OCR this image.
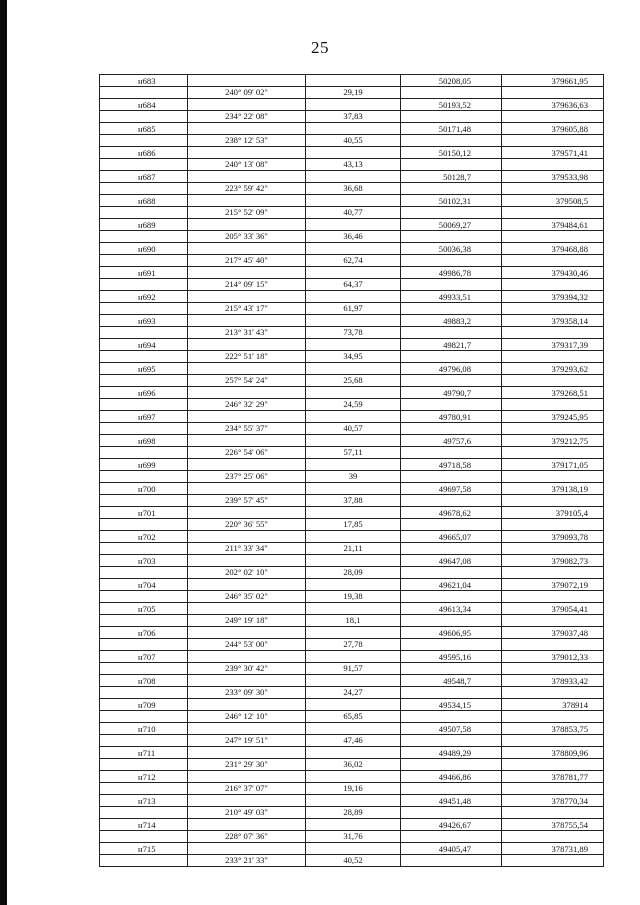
25
н683
240° 09' 02"	29,19
50208,05	379661,95
н684
234° 22' 08"	37,83
50193,52	379636,63
н685
238° 12' 53"	40,55
50171,48	379605,88
н686
240° 13' 08"	43,13
50150,12	379571,41
н687
223° 59' 42"	36,68
50128,7	379533,98
н688
215° 52' 09"	40,77
50102,31	379508,5
н689
205° 33' 36"	36,46
50069,27	379484,61
н690
217° 45' 40"	62,74
50036,38	379468,88
н691
214° 09' 15"	64,37
49986,78	379430,46
н692
215° 43' 17"	61,97
49933,51	379394,32
н693
213° 31' 43"	73,78
49883,2	379358,14
н694
222° 51' 18"	34,95
49821,7	379317,39
н695
257° 54' 24"	25,68
49796,08	379293,62
н696
246° 32' 29"	24,59
49790,7	379268,51
н697
234° 55' 37"	40,57
49780,91	379245,95
н698
226° 54' 06"	57,11
49757,6	379212,75
н699
237° 25' 06"	39
49718,58	379171,05
н700
239° 57' 45"	37,88
49697,58	379138,19
н701
220° 36' 55"	17,85
49678,62	379105,4
н702
211° 33' 34"	21,11
49665,07	379093,78
н703
202° 02' 10"	28,09
49647,08	379082,73
н704
246° 35' 02"	19,38
49621,04	379072,19
н705
249° 19' 18"	18,1
49613,34	379054,41
н706
244° 53' 00"	27,78
49606,95	379037,48
н707
239° 30' 42"	91,57
49595,16	379012,33
н708
233° 09' 30"	24,27
49548,7	378933,42
н709
246° 12' 10"	65,85
49534,15	378914
н710
247° 19' 51"	47,46
49507,58	378853,75
н711
231° 29' 30"	36,02
49489,29	378809,96
н712
216° 37' 07"	19,16
49466,86	378781,77
н713
210° 49' 03"	28,89
49451,48	378770,34
н714
228° 07' 36"	31,76
49426,67	378755,54
н715
233° 21' 33"	40,52
49405,47	378731,89
